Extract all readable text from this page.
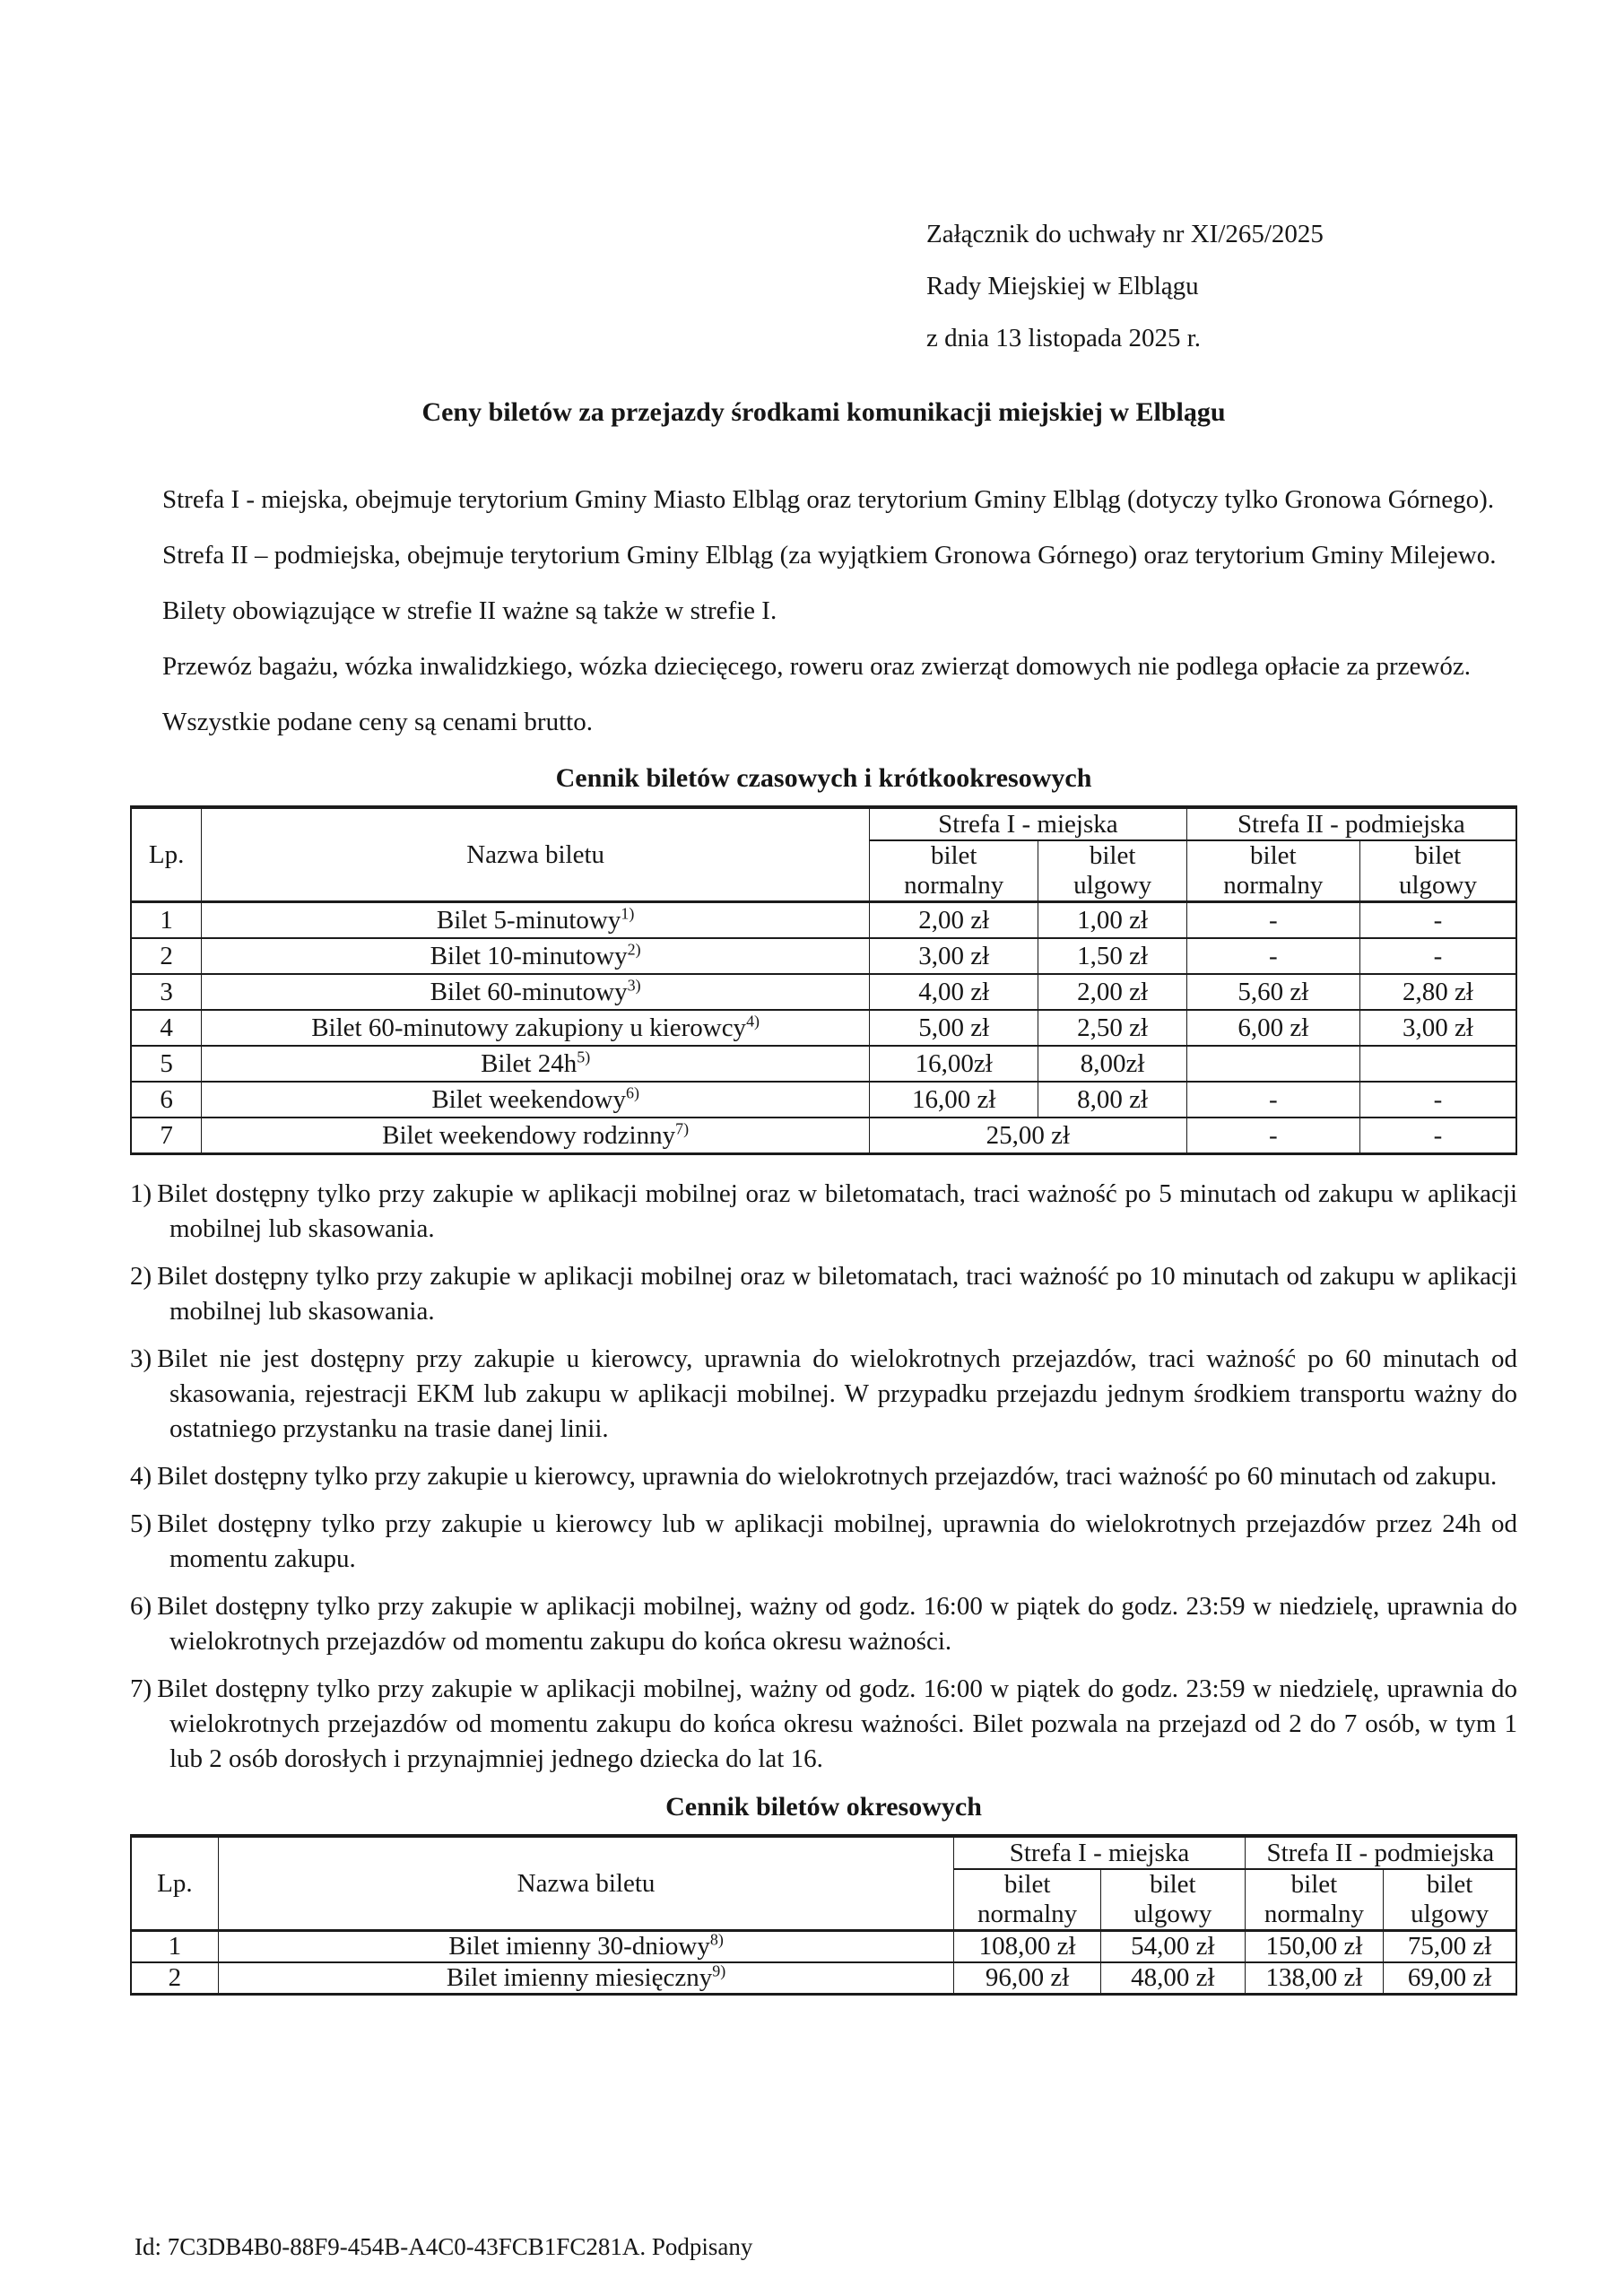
Załącznik do uchwały nr XI/265/2025
Rady Miejskiej w Elblągu
z dnia 13 listopada 2025 r.
Ceny biletów za przejazdy środkami komunikacji miejskiej w Elblągu

Strefa I - miejska, obejmuje terytorium Gminy Miasto Elbląg oraz terytorium Gminy Elbląg (dotyczy tylko Gronowa Górnego).

Strefa II – podmiejska, obejmuje terytorium Gminy Elbląg (za wyjątkiem Gronowa Górnego) oraz terytorium Gminy Milejewo.

Bilety obowiązujące w strefie II ważne są także w strefie I.

Przewóz bagażu, wózka inwalidzkiego, wózka dziecięcego, roweru oraz zwierząt domowych nie podlega opłacie za przewóz.

Wszystkie podane ceny są cenami brutto.

Cennik biletów czasowych i krótkookresowych
Lp.	Nazwa biletu	Strefa I - miejska		Strefa II - podmiejska	
		bilet normalny	bilet ulgowy	bilet normalny	bilet ulgowy
1	Bilet 5-minutowy$^{1)}$	2,00 zł	1,00 zł	-	-
2	Bilet 10-minutowy$^{2)}$	3,00 zł	1,50 zł	-	-
3	Bilet 60-minutowy$^{3)}$	4,00 zł	2,00 zł	5,60 zł	2,80 zł
4	Bilet 60-minutowy zakupiony u kierowcy$^{4)}$	5,00 zł	2,50 zł	6,00 zł	3,00 zł
5	Bilet $24h^{5)}$	16,00zł	8,00zł		
6	Bilet weekendowy$^{6)}$	16,00 zł	8,00 zł	-	-
7	Bilet weekendowy rodzinny$^{7)}$	25,00 zł		-	-

1) Bilet dostępny tylko przy zakupie w aplikacji mobilnej oraz w biletomatach, traci ważność po 5 minutach od zakupu w aplikacji mobilnej lub skasowania.

2) Bilet dostępny tylko przy zakupie w aplikacji mobilnej oraz w biletomatach, traci ważność po 10 minutach od zakupu w aplikacji mobilnej lub skasowania.

3) Bilet nie jest dostępny przy zakupie u kierowcy, uprawnia do wielokrotnych przejazdów, traci ważność po 60 minutach od skasowania, rejestracji EKM lub zakupu w aplikacji mobilnej. W przypadku przejazdu jednym środkiem transportu ważny do ostatniego przystanku na trasie danej linii.

4) Bilet dostępny tylko przy zakupie u kierowcy, uprawnia do wielokrotnych przejazdów, traci ważność po 60 minutach od zakupu.

5) Bilet dostępny tylko przy zakupie u kierowcy lub w aplikacji mobilnej, uprawnia do wielokrotnych przejazdów przez 24h od momentu zakupu.

6) Bilet dostępny tylko przy zakupie w aplikacji mobilnej, ważny od godz. 16:00 w piątek do godz. 23:59 w niedzielę, uprawnia do wielokrotnych przejazdów od momentu zakupu do końca okresu ważności.

7) Bilet dostępny tylko przy zakupie w aplikacji mobilnej, ważny od godz. 16:00 w piątek do godz. 23:59 w niedzielę, uprawnia do wielokrotnych przejazdów od momentu zakupu do końca okresu ważności. Bilet pozwala na przejazd od 2 do 7 osób, w tym 1 lub 2 osób dorosłych i przynajmniej jednego dziecka do lat 16.

Cennik biletów okresowych
Lp.	Nazwa biletu	Strefa I - miejska		Strefa II - podmiejska	
		bilet normalny	bilet ulgowy	bilet normalny	bilet ulgowy
1	Bilet imienny 30-dniowy$^{8)}$	108,00 zł	54,00 zł	150,00 zł	75,00 zł
2	Bilet imienny miesięczny$^{9)}$	96,00 zł	48,00 zł	138,00 zł	69,00 zł
Id: 7C3DB4B0-88F9-454B-A4C0-43FCB1FC281A. Podpisany
